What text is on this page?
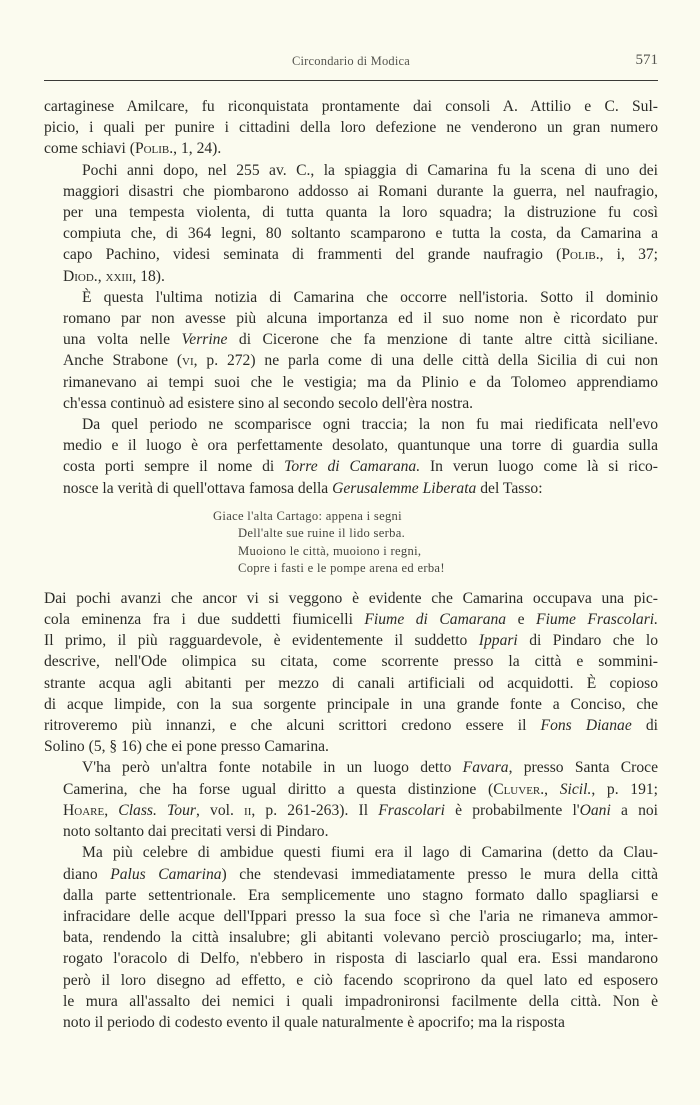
Circondario di Modica	571
cartaginese Amilcare, fu riconquistata prontamente dai consoli A. Attilio e C. Sul-
picio, i quali per punire i cittadini della loro defezione ne venderono un gran numero
come schiavi (Polib., 1, 24).
Pochi anni dopo, nel 255 av. C., la spiaggia di Camarina fu la scena di uno dei
maggiori disastri che piombarono addosso ai Romani durante la guerra, nel naufragio,
per una tempesta violenta, di tutta quanta la loro squadra; la distruzione fu così
compiuta che, di 364 legni, 80 soltanto scamparono e tutta la costa, da Camarina a
capo Pachino, videsi seminata di frammenti del grande naufragio (Polib., i, 37;
Diod., xxiii, 18).
È questa l'ultima notizia di Camarina che occorre nell'istoria. Sotto il dominio
romano par non avesse più alcuna importanza ed il suo nome non è ricordato pur
una volta nelle Verrine di Cicerone che fa menzione di tante altre città siciliane.
Anche Strabone (vi, p. 272) ne parla come di una delle città della Sicilia di cui non
rimanevano ai tempi suoi che le vestigia; ma da Plinio e da Tolomeo apprendiamo
ch'essa continuò ad esistere sino al secondo secolo dell'èra nostra.
Da quel periodo ne scomparisce ogni traccia; la non fu mai riedificata nell'evo
medio e il luogo è ora perfettamente desolato, quantunque una torre di guardia sulla
costa porti sempre il nome di Torre di Camarana. In verun luogo come là si rico-
nosce la verità di quell'ottava famosa della Gerusalemme Liberata del Tasso:
Giace l'alta Cartago: appena i segni
Dell'alte sue ruine il lido serba.
Muoiono le città, muoiono i regni,
Copre i fasti e le pompe arena ed erba!
Dai pochi avanzi che ancor vi si veggono è evidente che Camarina occupava una pic-
cola eminenza fra i due suddetti fiumicelli Fiume di Camarana e Fiume Frascolari.
Il primo, il più ragguardevole, è evidentemente il suddetto Ippari di Pindaro che lo
descrive, nell'Ode olimpica su citata, come scorrente presso la città e sommini-
strante acqua agli abitanti per mezzo di canali artificiali od acquidotti. È copioso
di acque limpide, con la sua sorgente principale in una grande fonte a Conciso, che
ritroveremo più innanzi, e che alcuni scrittori credono essere il Fons Dianae di
Solino (5, § 16) che ei pone presso Camarina.
V'ha però un'altra fonte notabile in un luogo detto Favara, presso Santa Croce
Camerina, che ha forse ugual diritto a questa distinzione (Cluver., Sicil., p. 191;
Hoare, Class. Tour, vol. ii, p. 261-263). Il Frascolari è probabilmente l'Oani a noi
noto soltanto dai precitati versi di Pindaro.
Ma più celebre di ambidue questi fiumi era il lago di Camarina (detto da Clau-
diano Palus Camarina) che stendevasi immediatamente presso le mura della città
dalla parte settentrionale. Era semplicemente uno stagno formato dallo spagliarsi e
infracidare delle acque dell'Ippari presso la sua foce sì che l'aria ne rimaneva ammor-
bata, rendendo la città insalubre; gli abitanti volevano perciò prosciugarlo; ma, inter-
rogato l'oracolo di Delfo, n'ebbero in risposta di lasciarlo qual era. Essi mandarono
però il loro disegno ad effetto, e ciò facendo scoprirono da quel lato ed esposero
le mura all'assalto dei nemici i quali impadronironsi facilmente della città. Non è
noto il periodo di codesto evento il quale naturalmente è apocrifo; ma la risposta
